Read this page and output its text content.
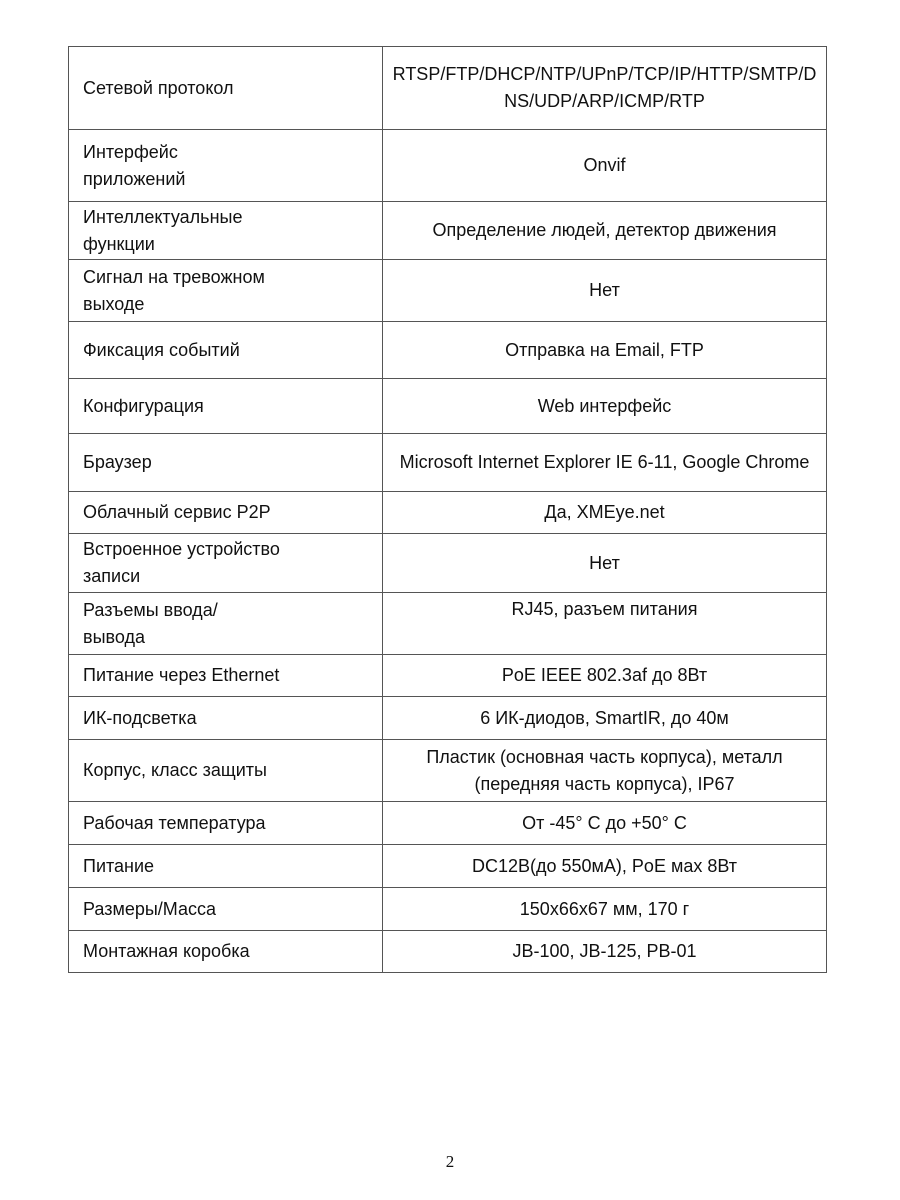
Сетевой протокол	RTSP/FTP/DHCP/NTP/UPnP/TCP/IP/HTTP/SMTP/DNS/UDP/ARP/ICMP/RTP
Интерфейс приложений	Onvif
Интеллектуальные функции	Определение людей, детектор движения
Сигнал на тревожном выходе	Нет
Фиксация событий	Отправка на Email, FTP
Конфигурация	Web интерфейс
Браузер	Microsoft Internet Explorer IE 6-11, Google Chrome
Облачный сервис P2P	Да, XMEye.net
Встроенное устройство записи	Нет
Разъемы ввода/ вывода	RJ45, разъем питания
Питание через Ethernet	PoE IEEE 802.3af до 8Вт
ИК-подсветка	6 ИК-диодов, SmartIR, до 40м
Корпус, класс защиты	Пластик (основная часть корпуса), металл (передняя часть корпуса), IP67
Рабочая температура	От -45° C до +50° C
Питание	DC12В(до 550мА), PoE мах 8Вт
Размеры/Масса	150х66х67 мм, 170 г
Монтажная коробка	JB-100, JB-125, PB-01
2
